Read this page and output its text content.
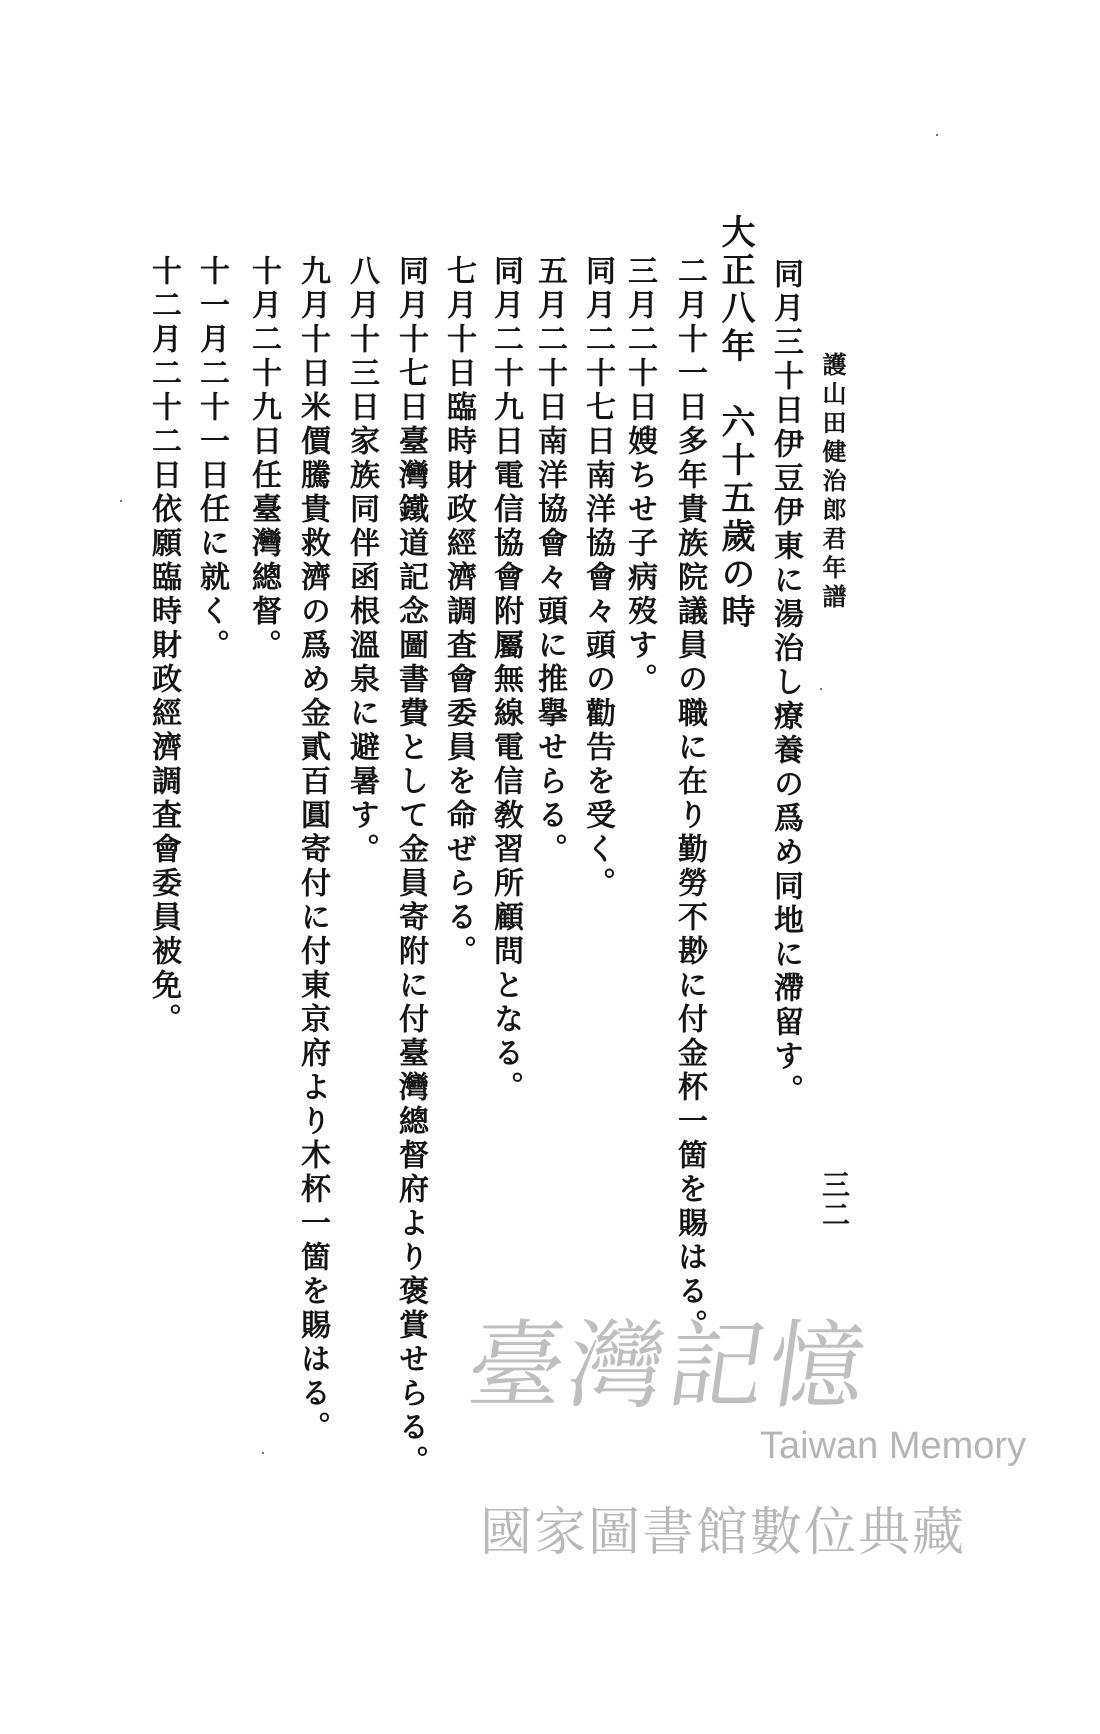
護山田健治郎君年譜
同月三十日伊豆伊東に湯治し療養の爲め同地に滯留す。
大正八年　六十五歲の時
二月十一日多年貴族院議員の職に在り勤勞不尠に付金杯一箇を賜はる。
三月二十日嫂ちせ子病歿す。
同月二十七日南洋協會々頭の勸告を受く。
五月二十日南洋協會々頭に推擧せらる。
同月二十九日電信協會附屬無線電信敎習所顧問となる。
七月十日臨時財政經濟調査會委員を命ぜらる。
同月十七日臺灣鐵道記念圖書費として金員寄附に付臺灣總督府より褒賞せらる。
八月十三日家族同伴函根溫泉に避暑す。
九月十日米價騰貴救濟の爲め金貳百圓寄付に付東京府より木杯一箇を賜はる。
十月二十九日任臺灣總督。
十一月二十一日任に就く。
十二月二十二日依願臨時財政經濟調査會委員被免。
三二
臺灣記憶
Taiwan Memory
國家圖書館數位典藏
